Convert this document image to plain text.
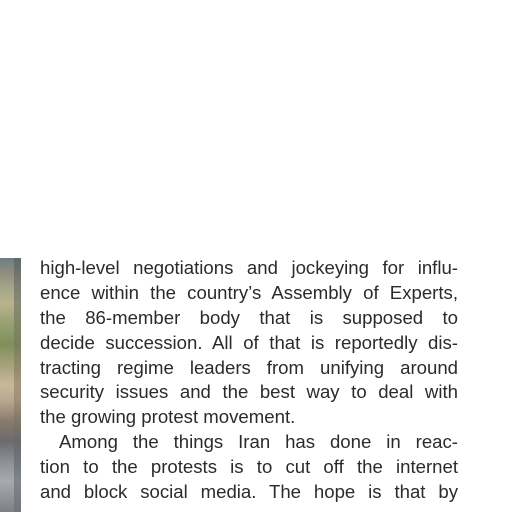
high-level negotiations and jockeying for influ-
ence within the country’s Assembly of Experts,
the 86-member body that is supposed to
decide succession. All of that is reportedly dis-
tracting regime leaders from unifying around
security issues and the best way to deal with
the growing protest movement.
Among the things Iran has done in reac-
tion to the protests is to cut off the internet
and block social media. The hope is that by
